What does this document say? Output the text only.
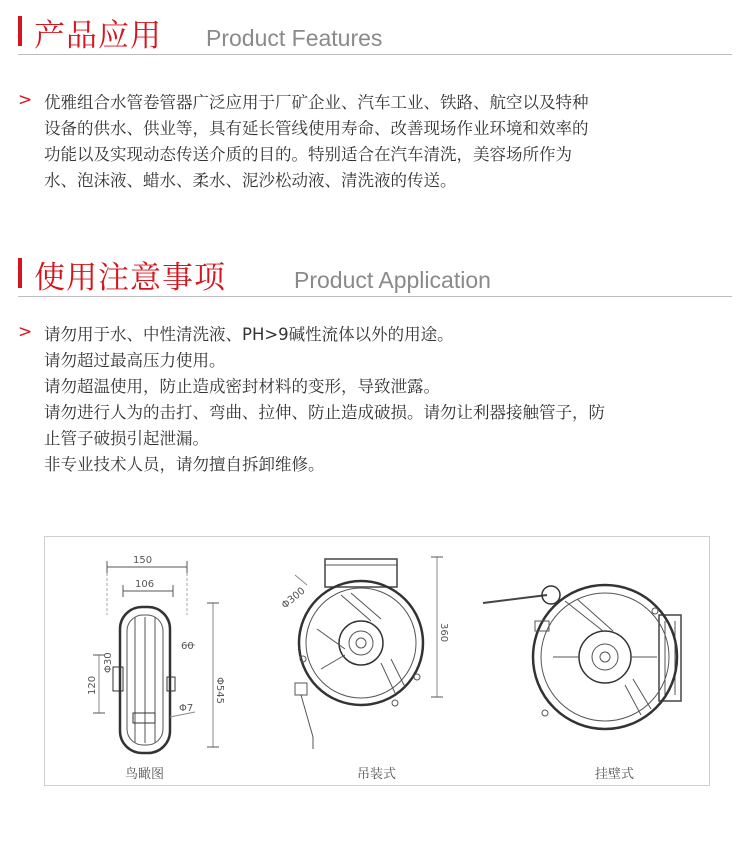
产品应用 Product Features
> 优雅组合水管卷管器广泛应用于厂矿企业、汽车工业、铁路、航空以及特种
设备的供水、供业等，具有延长管线使用寿命、改善现场作业环境和效率的
功能以及实现动态传送介质的目的。特别适合在汽车清洗，美容场所作为
水、泡沫液、蜡水、柔水、泥沙松动液、清洗液的传送。

使用注意事项	Product Application
> 请勿用于水、中性清洗液、PH>9碱性流体以外的用途。
请勿超过最高压力使用。
请勿超温使用，防止造成密封材料的变形，导致泄露。
请勿进行人为的击打、弯曲、拉伸、防止造成破损。请勿让利器接触管子，防
止管子破损引起泄漏。
非专业技术人员，请勿擅自拆卸维修。

150
106
60
Φ545
120
Φ30
Φ7
Φ300
360
鸟瞰图	吊装式	挂壁式
